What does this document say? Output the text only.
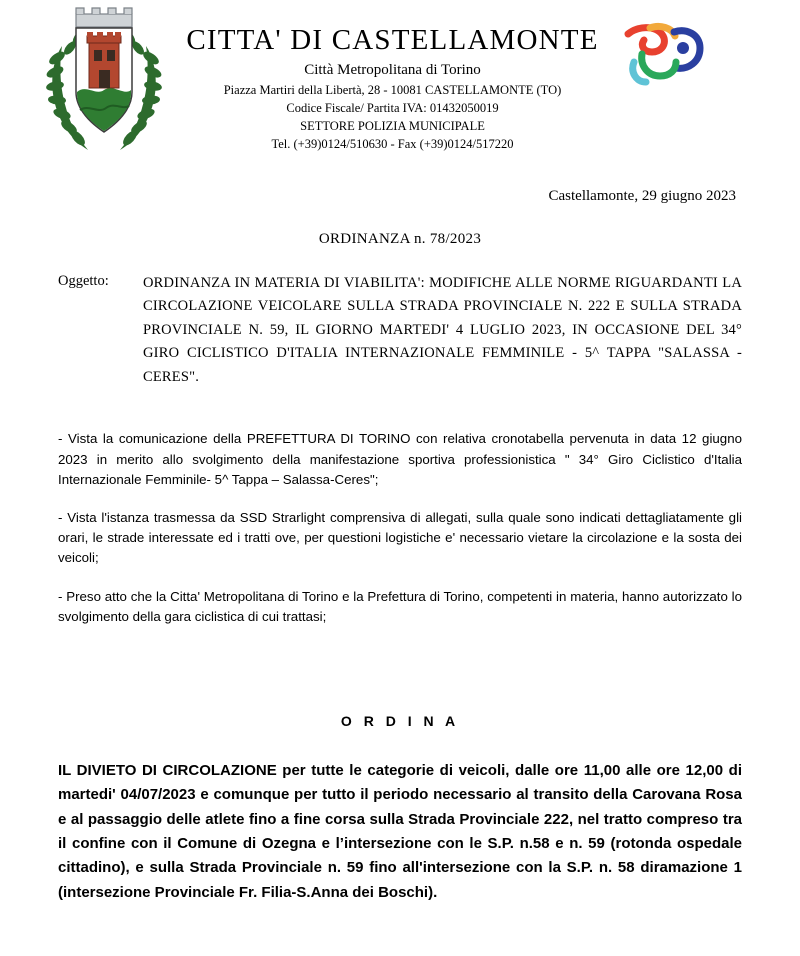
CITTA' DI CASTELLAMONTE
Città Metropolitana di Torino
Piazza Martiri della Libertà, 28 - 10081 CASTELLAMONTE (TO)
Codice Fiscale/ Partita IVA: 01432050019
SETTORE POLIZIA MUNICIPALE
Tel. (+39)0124/510630 - Fax (+39)0124/517220
Castellamonte, 29 giugno 2023
ORDINANZA n. 78/2023
Oggetto:	ORDINANZA IN MATERIA DI VIABILITA': MODIFICHE ALLE NORME RIGUARDANTI LA CIRCOLAZIONE VEICOLARE SULLA STRADA PROVINCIALE N. 222 E SULLA STRADA PROVINCIALE N. 59, IL GIORNO MARTEDI' 4 LUGLIO 2023, IN OCCASIONE DEL 34° GIRO CICLISTICO D'ITALIA INTERNAZIONALE FEMMINILE - 5^ TAPPA "SALASSA - CERES".
- Vista la comunicazione della PREFETTURA DI TORINO con relativa cronotabella pervenuta in data 12 giugno 2023 in merito allo svolgimento della manifestazione sportiva professionistica " 34° Giro Ciclistico d'Italia Internazionale Femminile- 5^ Tappa – Salassa-Ceres";
- Vista l'istanza trasmessa da SSD Strarlight comprensiva di allegati, sulla quale sono indicati dettagliatamente gli orari, le strade interessate ed i tratti ove, per questioni logistiche e' necessario vietare la circolazione e la sosta dei veicoli;
- Preso atto che la Citta' Metropolitana di Torino e la Prefettura di Torino, competenti in materia, hanno autorizzato lo svolgimento della gara ciclistica di cui trattasi;
O R D I N A
IL DIVIETO DI CIRCOLAZIONE per tutte le categorie di veicoli, dalle ore 11,00 alle ore 12,00 di martedi' 04/07/2023 e comunque per tutto il periodo necessario al transito della Carovana Rosa e al passaggio delle atlete fino a fine corsa sulla Strada Provinciale 222, nel tratto compreso tra il confine con il Comune di Ozegna e l’intersezione con le S.P. n.58 e n. 59 (rotonda ospedale cittadino), e sulla Strada Provinciale n. 59 fino all'intersezione con la S.P. n. 58 diramazione 1 (intersezione Provinciale Fr. Filia-S.Anna dei Boschi).
